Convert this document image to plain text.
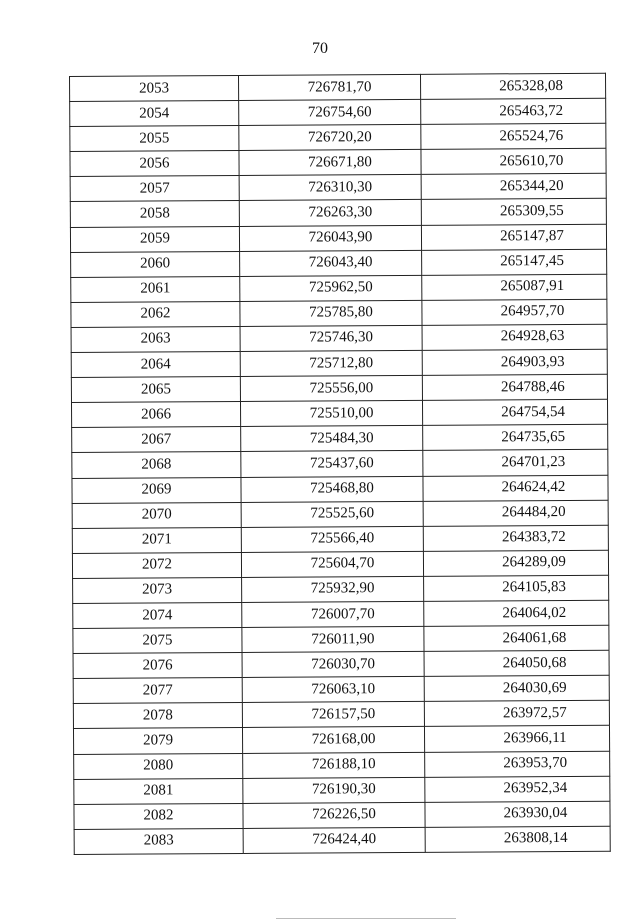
70
2053	726781,70	265328,08
2054	726754,60	265463,72
2055	726720,20	265524,76
2056	726671,80	265610,70
2057	726310,30	265344,20
2058	726263,30	265309,55
2059	726043,90	265147,87
2060	726043,40	265147,45
2061	725962,50	265087,91
2062	725785,80	264957,70
2063	725746,30	264928,63
2064	725712,80	264903,93
2065	725556,00	264788,46
2066	725510,00	264754,54
2067	725484,30	264735,65
2068	725437,60	264701,23
2069	725468,80	264624,42
2070	725525,60	264484,20
2071	725566,40	264383,72
2072	725604,70	264289,09
2073	725932,90	264105,83
2074	726007,70	264064,02
2075	726011,90	264061,68
2076	726030,70	264050,68
2077	726063,10	264030,69
2078	726157,50	263972,57
2079	726168,00	263966,11
2080	726188,10	263953,70
2081	726190,30	263952,34
2082	726226,50	263930,04
2083	726424,40	263808,14
